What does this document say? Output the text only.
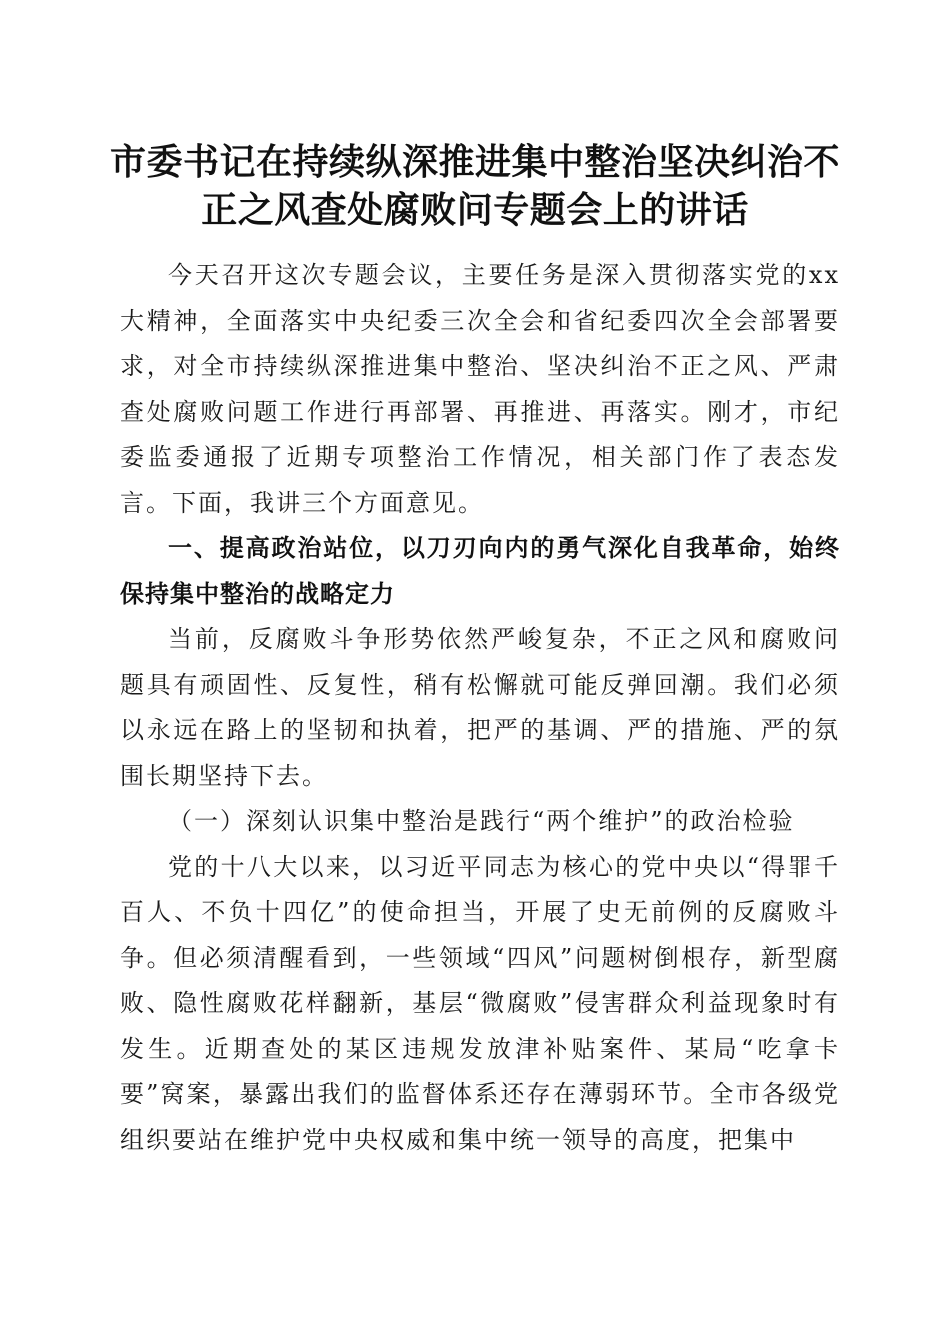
市委书记在持续纵深推进集中整治坚决纠治不正之风查处腐败问专题会上的讲话

今天召开这次专题会议，主要任务是深入贯彻落实党的xx大精神，全面落实中央纪委三次全会和省纪委四次全会部署要求，对全市持续纵深推进集中整治、坚决纠治不正之风、严肃查处腐败问题工作进行再部署、再推进、再落实。刚才，市纪委监委通报了近期专项整治工作情况，相关部门作了表态发言。下面，我讲三个方面意见。

一、提高政治站位，以刀刃向内的勇气深化自我革命，始终保持集中整治的战略定力

当前，反腐败斗争形势依然严峻复杂，不正之风和腐败问题具有顽固性、反复性，稍有松懈就可能反弹回潮。我们必须以永远在路上的坚韧和执着，把严的基调、严的措施、严的氛围长期坚持下去。

（一）深刻认识集中整治是践行“两个维护”的政治检验

党的十八大以来，以习近平同志为核心的党中央以“得罪千百人、不负十四亿”的使命担当，开展了史无前例的反腐败斗争。但必须清醒看到，一些领域“四风”问题树倒根存，新型腐败、隐性腐败花样翻新，基层“微腐败”侵害群众利益现象时有发生。近期查处的某区违规发放津补贴案件、某局“吃拿卡要”窝案，暴露出我们的监督体系还存在薄弱环节。全市各级党组织要站在维护党中央权威和集中统一领导的高度，把集中
